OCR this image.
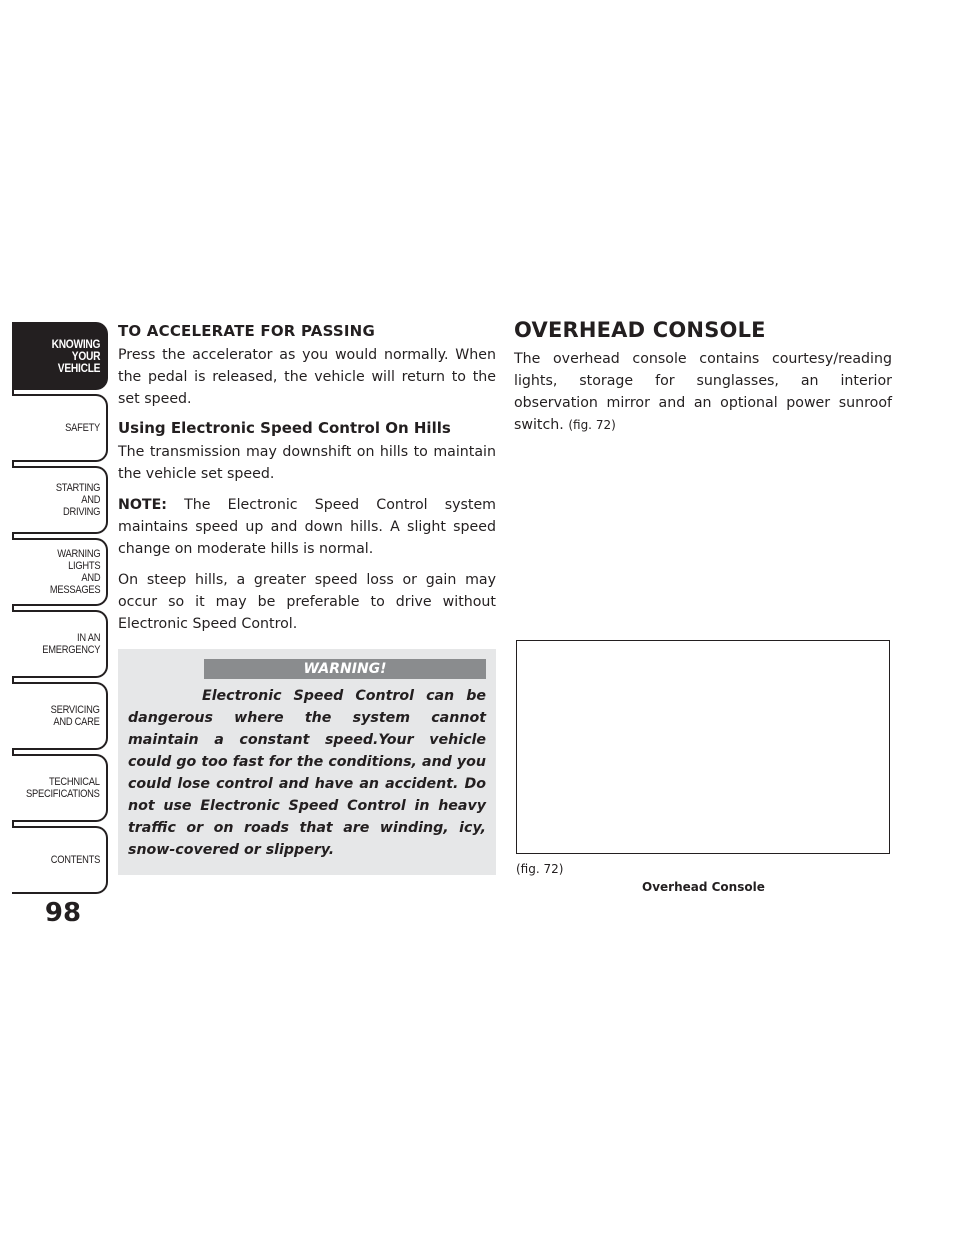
KNOWING
YOUR
VEHICLE
SAFETY
STARTING
AND
DRIVING
WARNING
LIGHTS
AND
MESSAGES
IN AN
EMERGENCY
SERVICING
AND CARE
TECHNICAL
SPECIFICATIONS
CONTENTS
98
TO ACCELERATE FOR PASSING

Press the accelerator as you would normally. When the pedal is released, the vehicle will return to the set speed.

Using Electronic Speed Control On Hills

The transmission may downshift on hills to maintain the vehicle set speed.

NOTE: The Electronic Speed Control system maintains speed up and down hills. A slight speed change on moderate hills is normal.

On steep hills, a greater speed loss or gain may occur so it may be preferable to drive without Electronic Speed Control.

WARNING!
Electronic Speed Control can be dangerous where the system cannot maintain a constant speed.Your vehicle could go too fast for the conditions, and you could lose control and have an accident. Do not use Electronic Speed Control in heavy traffic or on roads that are winding, icy, snow-covered or slippery.
OVERHEAD CONSOLE

The overhead console contains courtesy/reading lights, storage for sunglasses, an interior observation mirror and an optional power sunroof switch. (fig. 72)

(fig. 72)
Overhead Console
